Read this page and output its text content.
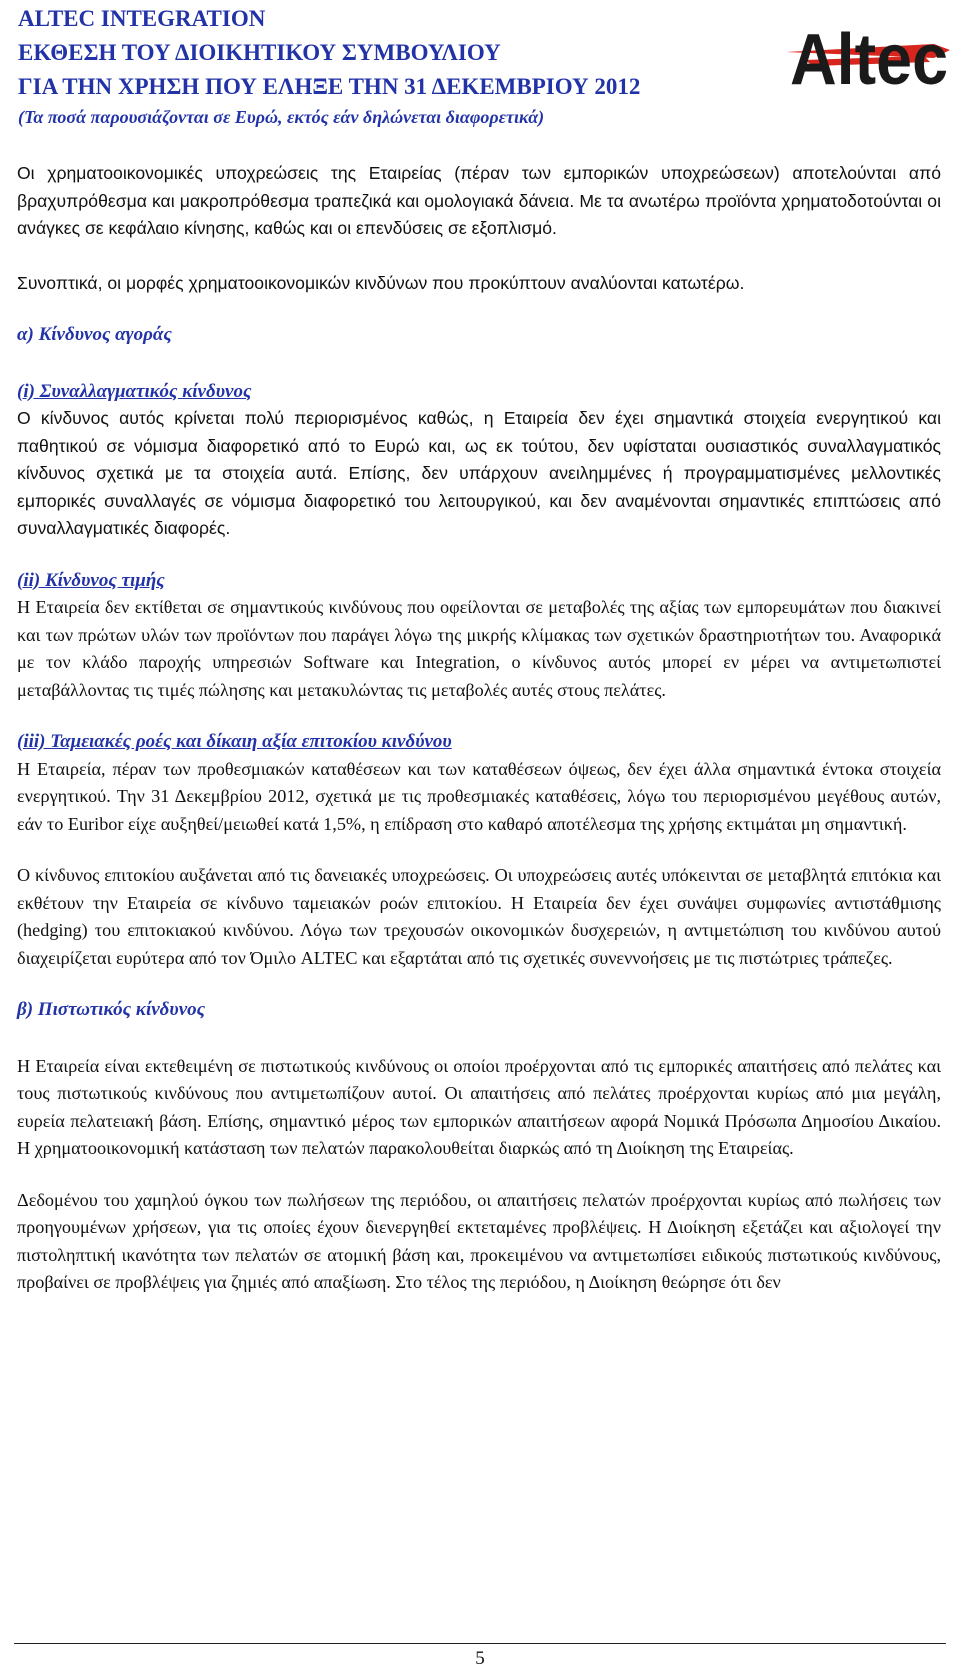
ALTEC INTEGRATION
ΕΚΘΕΣΗ ΤΟΥ ΔΙΟΙΚΗΤΙΚΟΥ ΣΥΜΒΟΥΛΙΟΥ
ΓΙΑ ΤΗΝ ΧΡΗΣΗ ΠΟΥ ΕΛΗΞΕ ΤΗΝ 31 ΔΕΚΕΜΒΡΙΟΥ 2012
(Τα ποσά παρουσιάζονται σε Ευρώ, εκτός εάν δηλώνεται διαφορετικά)
Altec

Οι χρηματοοικονομικές υποχρεώσεις της Εταιρείας (πέραν των εμπορικών υποχρεώσεων) αποτελούνται από βραχυπρόθεσμα και μακροπρόθεσμα τραπεζικά και ομολογιακά δάνεια. Με τα ανωτέρω προϊόντα χρηματοδοτούνται οι ανάγκες σε κεφάλαιο κίνησης, καθώς και οι επενδύσεις σε εξοπλισμό.

Συνοπτικά, οι μορφές χρηματοοικονομικών κινδύνων που προκύπτουν αναλύονται κατωτέρω.

α) Κίνδυνος αγοράς
(i) Συναλλαγματικός κίνδυνος

Ο κίνδυνος αυτός κρίνεται πολύ περιορισμένος καθώς, η Εταιρεία δεν έχει σημαντικά στοιχεία ενεργητικού και παθητικού σε νόμισμα διαφορετικό από το Ευρώ και, ως εκ τούτου, δεν υφίσταται ουσιαστικός συναλλαγματικός κίνδυνος σχετικά με τα στοιχεία αυτά. Επίσης, δεν υπάρχουν ανειλημμένες ή προγραμματισμένες μελλοντικές εμπορικές συναλλαγές σε νόμισμα διαφορετικό του λειτουργικού, και δεν αναμένονται σημαντικές επιπτώσεις από συναλλαγματικές διαφορές.

(ii) Κίνδυνος τιμής

Η Εταιρεία δεν εκτίθεται σε σημαντικούς κινδύνους που οφείλονται σε μεταβολές της αξίας των εμπορευμάτων που διακινεί και των πρώτων υλών των προϊόντων που παράγει λόγω της μικρής κλίμακας των σχετικών δραστηριοτήτων του. Αναφορικά με τον κλάδο παροχής υπηρεσιών Software και Integration, ο κίνδυνος αυτός μπορεί εν μέρει να αντιμετωπιστεί μεταβάλλοντας τις τιμές πώλησης και μετακυλώντας τις μεταβολές αυτές στους πελάτες.

(iii) Ταμειακές ροές και δίκαιη αξία επιτοκίου κινδύνου

Η Εταιρεία, πέραν των προθεσμιακών καταθέσεων και των καταθέσεων όψεως, δεν έχει άλλα σημαντικά έντοκα στοιχεία ενεργητικού. Την 31 Δεκεμβρίου 2012, σχετικά με τις προθεσμιακές καταθέσεις, λόγω του περιορισμένου μεγέθους αυτών, εάν το Euribor είχε αυξηθεί/μειωθεί κατά 1,5%, η επίδραση στο καθαρό αποτέλεσμα της χρήσης εκτιμάται μη σημαντική.

Ο κίνδυνος επιτοκίου αυξάνεται από τις δανειακές υποχρεώσεις. Οι υποχρεώσεις αυτές υπόκεινται σε μεταβλητά επιτόκια και εκθέτουν την Εταιρεία σε κίνδυνο ταμειακών ροών επιτοκίου. Η Εταιρεία δεν έχει συνάψει συμφωνίες αντιστάθμισης (hedging) του επιτοκιακού κινδύνου. Λόγω των τρεχουσών οικονομικών δυσχερειών, η αντιμετώπιση του κινδύνου αυτού διαχειρίζεται ευρύτερα από τον Όμιλο ALTEC και εξαρτάται από τις σχετικές συνεννοήσεις με τις πιστώτριες τράπεζες.

β) Πιστωτικός κίνδυνος

Η Εταιρεία είναι εκτεθειμένη σε πιστωτικούς κινδύνους οι οποίοι προέρχονται από τις εμπορικές απαιτήσεις από πελάτες και τους πιστωτικούς κινδύνους που αντιμετωπίζουν αυτοί. Οι απαιτήσεις από πελάτες προέρχονται κυρίως από μια μεγάλη, ευρεία πελατειακή βάση. Επίσης, σημαντικό μέρος των εμπορικών απαιτήσεων αφορά Νομικά Πρόσωπα Δημοσίου Δικαίου. Η χρηματοοικονομική κατάσταση των πελατών παρακολουθείται διαρκώς από τη Διοίκηση της Εταιρείας.

Δεδομένου του χαμηλού όγκου των πωλήσεων της περιόδου, οι απαιτήσεις πελατών προέρχονται κυρίως από πωλήσεις των προηγουμένων χρήσεων, για τις οποίες έχουν διενεργηθεί εκτεταμένες προβλέψεις. Η Διοίκηση εξετάζει και αξιολογεί την πιστοληπτική ικανότητα των πελατών σε ατομική βάση και, προκειμένου να αντιμετωπίσει ειδικούς πιστωτικούς κινδύνους, προβαίνει σε προβλέψεις για ζημιές από απαξίωση. Στο τέλος της περιόδου, η Διοίκηση θεώρησε ότι δεν

5
